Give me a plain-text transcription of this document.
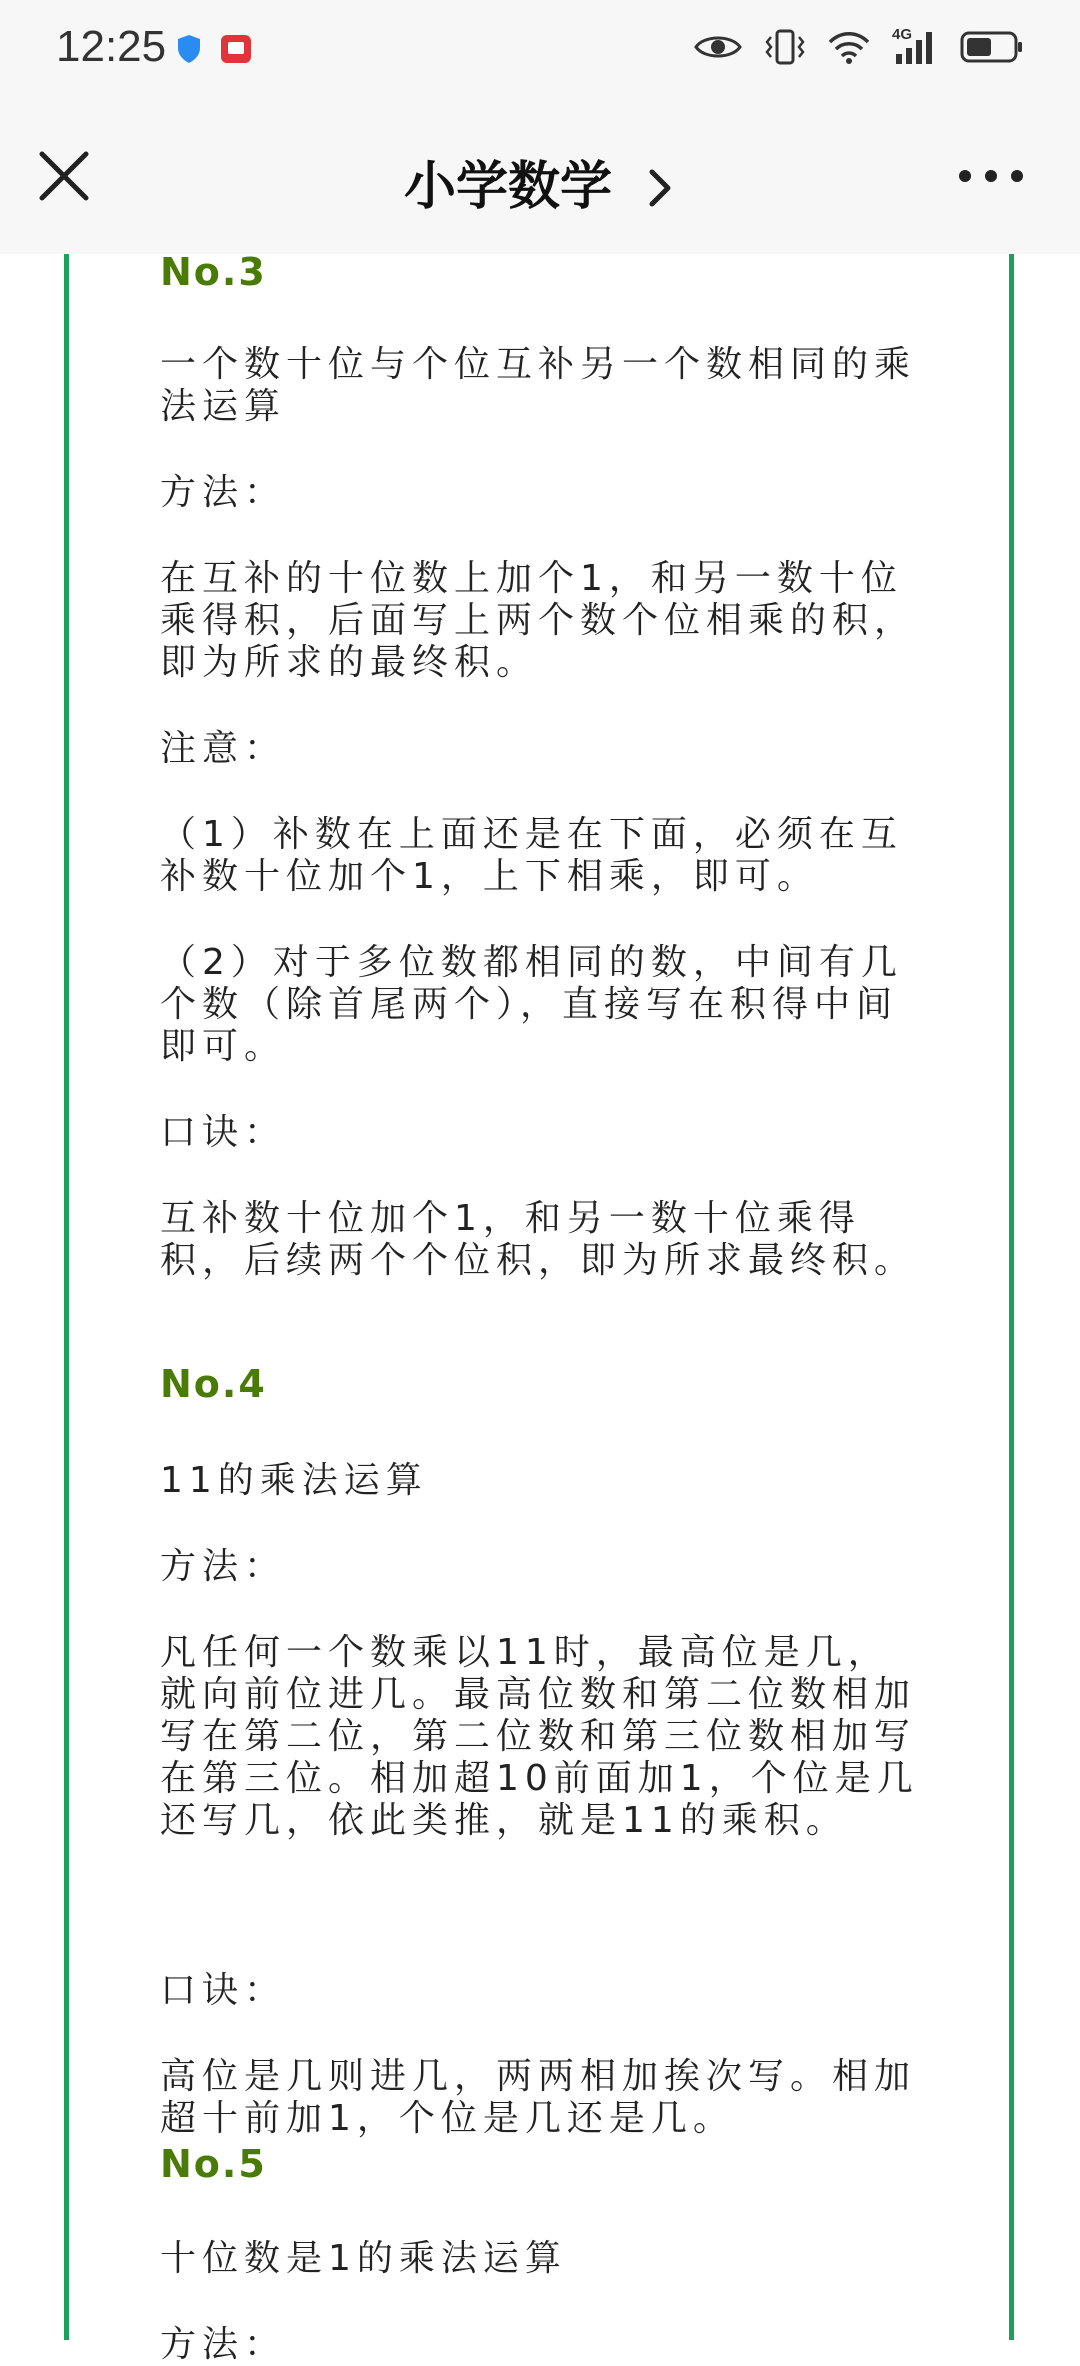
12:25	4G
小学数学
No.3
一个数十位与个位互补另一个数相同的乘法运算
方法：
在互补的十位数上加个1，和另一数十位乘得积，后面写上两个数个位相乘的积，即为所求的最终积。
注意：
（1）补数在上面还是在下面，必须在互补数十位加个1，上下相乘，即可。
（2）对于多位数都相同的数，中间有几个数（除首尾两个），直接写在积得中间即可。
口诀：
互补数十位加个1，和另一数十位乘得积，后续两个个位积，即为所求最终积。
No.4
11的乘法运算
方法：
凡任何一个数乘以11时，最高位是几，就向前位进几。最高位数和第二位数相加写在第二位，第二位数和第三位数相加写在第三位。相加超10前面加1，个位是几还写几，依此类推，就是11的乘积。
口诀：
高位是几则进几，两两相加挨次写。相加超十前加1，个位是几还是几。
No.5
十位数是1的乘法运算
方法：
